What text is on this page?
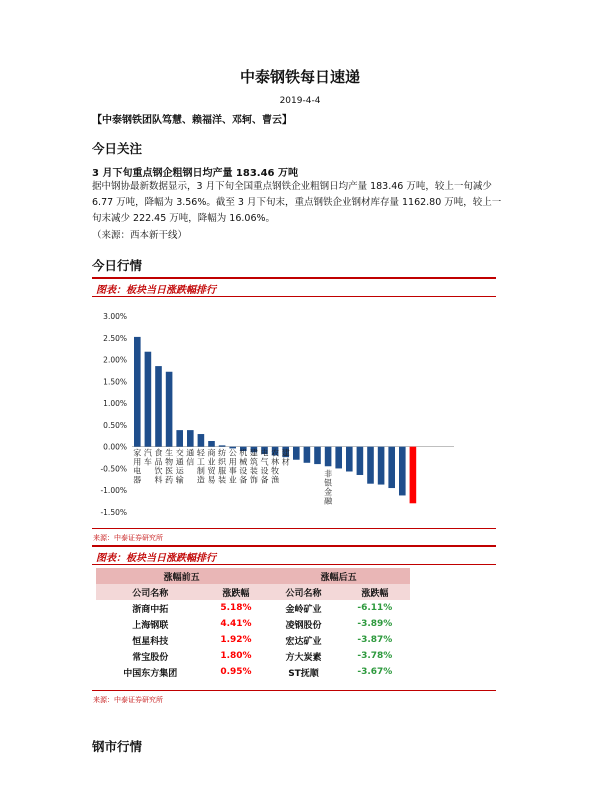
中泰钢铁每日速递
2019-4-4
【中泰钢铁团队笃慧、赖福洋、邓轲、曹云】
今日关注
3 月下旬重点钢企粗钢日均产量 183.46 万吨
据中钢协最新数据显示，3 月下旬全国重点钢铁企业粗钢日均产量 183.46 万吨，较上一旬减少 6.77 万吨，降幅为 3.56%。截至 3 月下旬末，重点钢铁企业钢材库存量 1162.80 万吨，较上一旬末减少 222.45 万吨，降幅为 16.06%。
（来源：西本新干线）
今日行情
图表：板块当日涨跌幅排行
3.00%
2.50%
2.00%
1.50%
1.00%
0.50%
0.00%
-0.50%
-1.00%
-1.50%
家用电器
汽车
食品饮料
生物医药
交通运输
通信
轻工制造
商业贸易
纺织服装
公用事业
机械设备
建筑装饰
电气设备
农林牧渔
建材
非银金融
来源：中泰证券研究所
图表：板块当日涨跌幅排行
涨幅前五		涨幅后五	
公司名称	涨跌幅	公司名称	涨跌幅
浙商中拓	5.18%	金岭矿业	-6.11%
上海钢联	4.41%	凌钢股份	-3.89%
恒星科技	1.92%	宏达矿业	-3.87%
常宝股份	1.80%	方大炭素	-3.78%
中国东方集团	0.95%	ST抚顺	-3.67%
来源：中泰证券研究所
钢市行情
